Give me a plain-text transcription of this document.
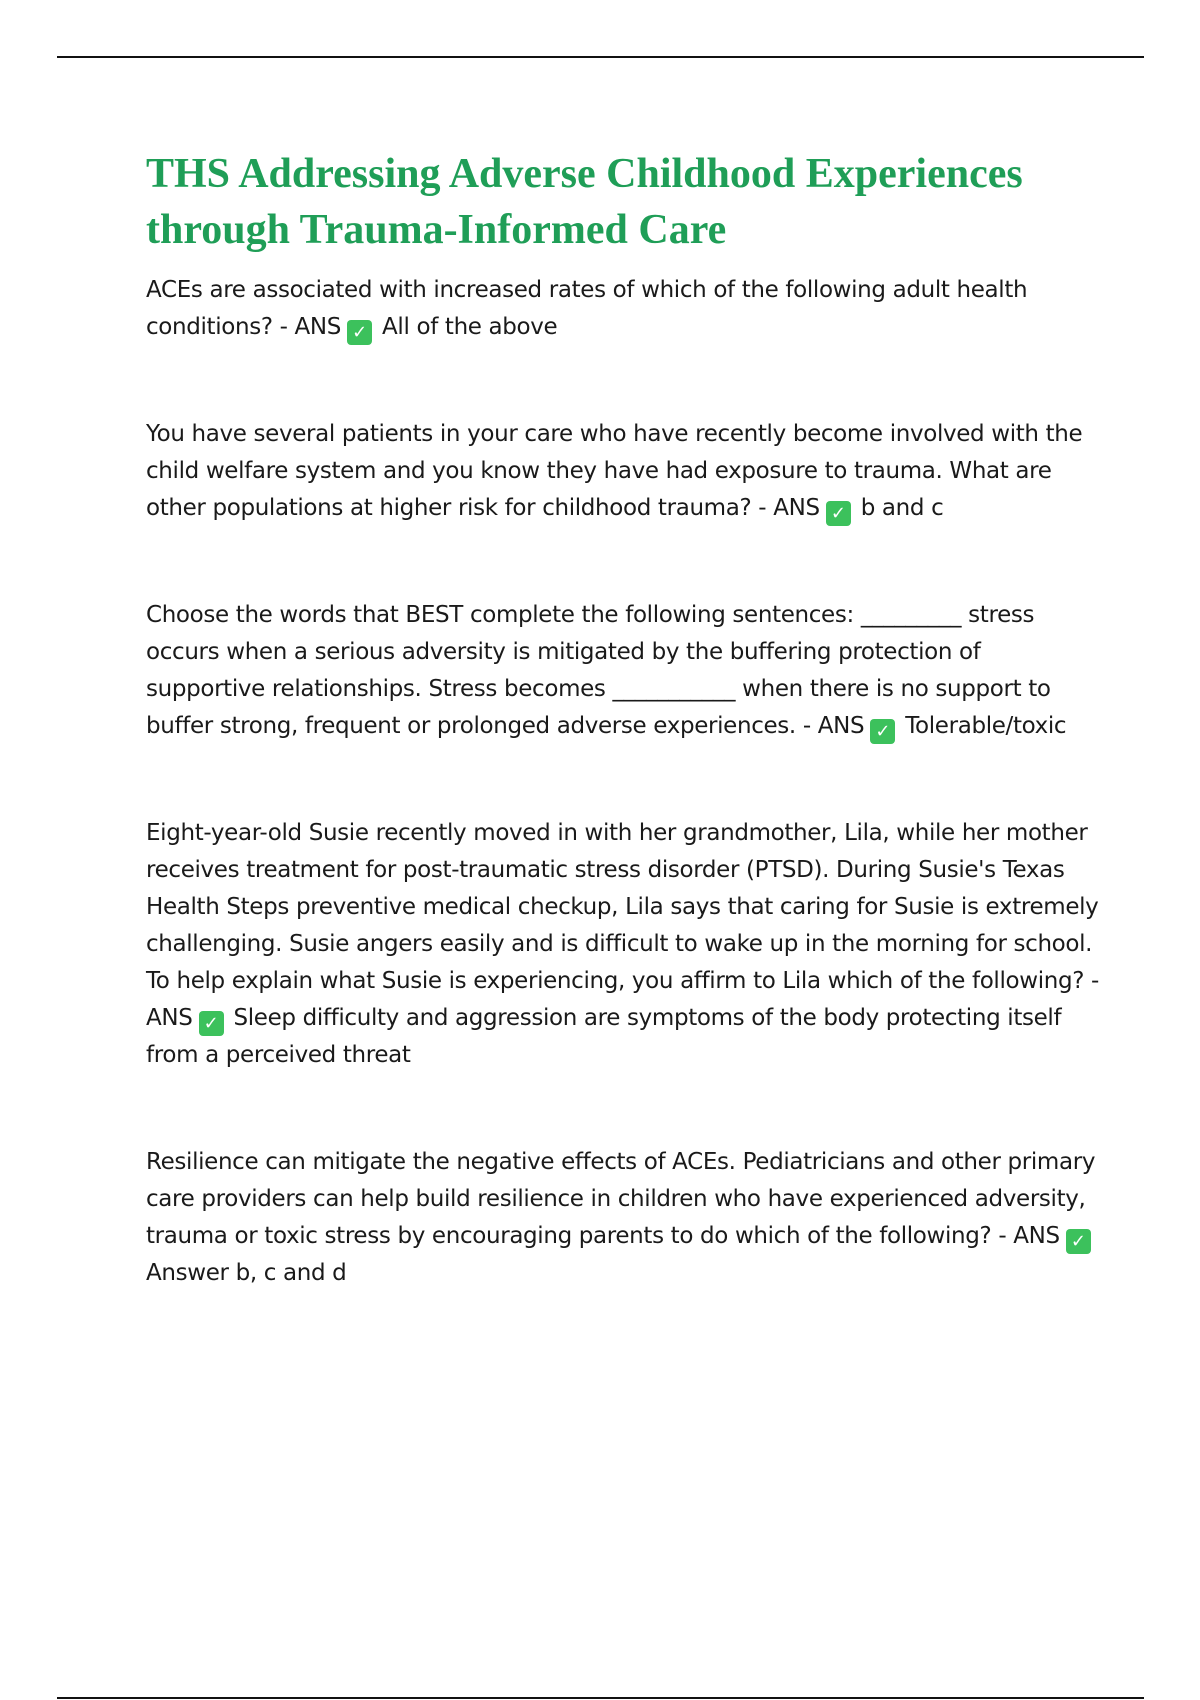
THS Addressing Adverse Childhood Experiences through Trauma-Informed Care

ACEs are associated with increased rates of which of the following adult health conditions? - ANS ✓ All of the above

You have several patients in your care who have recently become involved with the child welfare system and you know they have had exposure to trauma. What are other populations at higher risk for childhood trauma? - ANS ✓ b and c

Choose the words that BEST complete the following sentences: _________ stress occurs when a serious adversity is mitigated by the buffering protection of supportive relationships. Stress becomes ___________ when there is no support to buffer strong, frequent or prolonged adverse experiences. - ANS ✓ Tolerable/toxic

Eight-year-old Susie recently moved in with her grandmother, Lila, while her mother receives treatment for post-traumatic stress disorder (PTSD). During Susie's Texas Health Steps preventive medical checkup, Lila says that caring for Susie is extremely challenging. Susie angers easily and is difficult to wake up in the morning for school. To help explain what Susie is experiencing, you affirm to Lila which of the following? - ANS ✓ Sleep difficulty and aggression are symptoms of the body protecting itself from a perceived threat

Resilience can mitigate the negative effects of ACEs. Pediatricians and other primary care providers can help build resilience in children who have experienced adversity, trauma or toxic stress by encouraging parents to do which of the following? - ANS ✓Answer b, c and d
